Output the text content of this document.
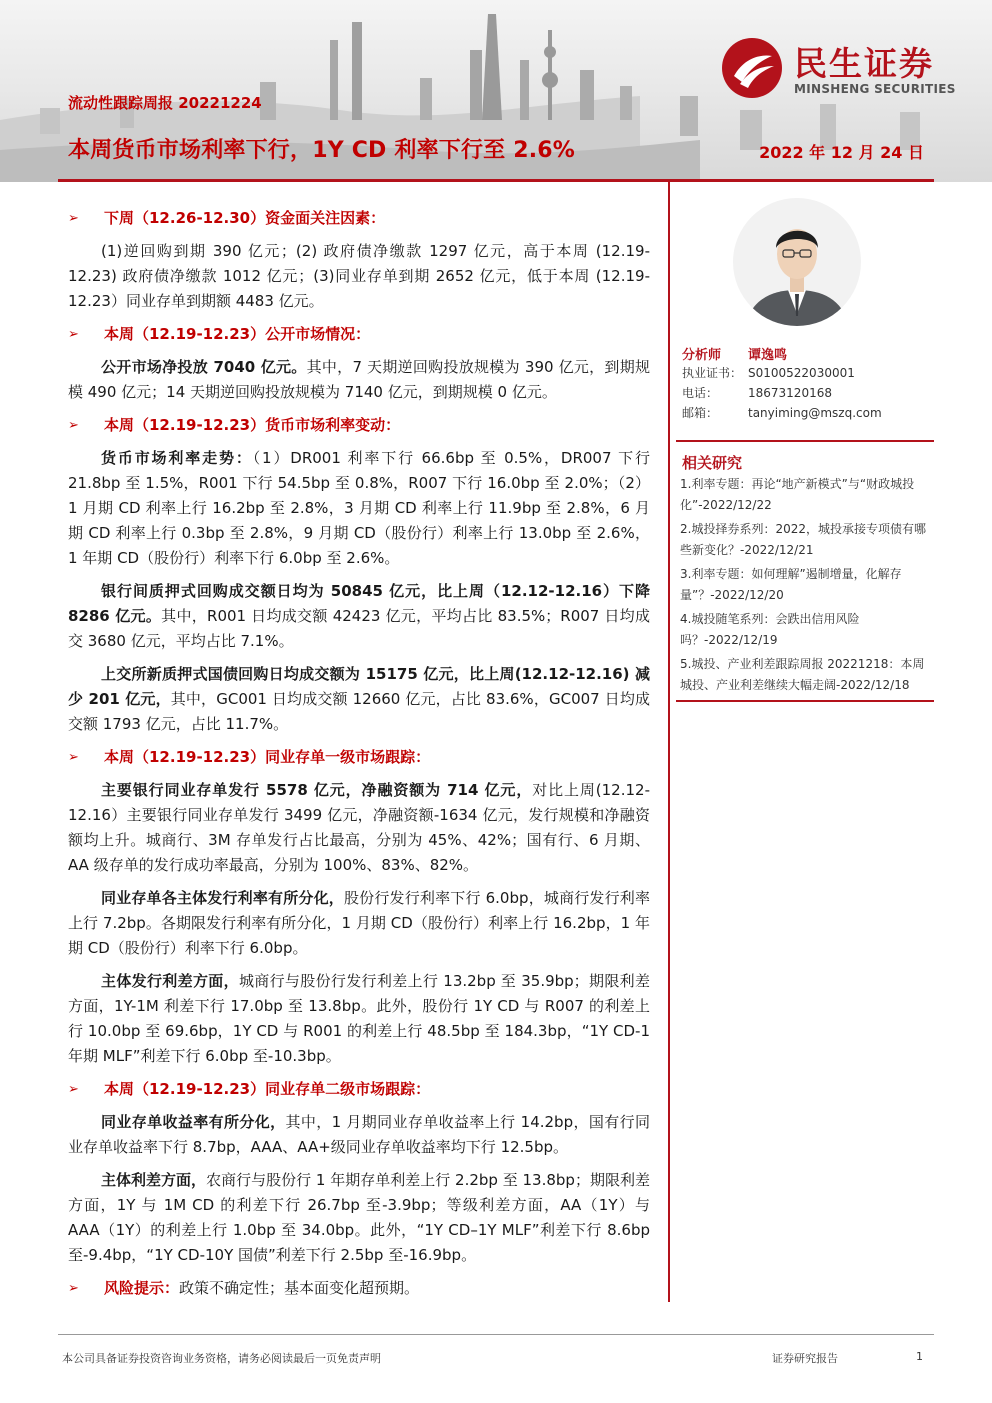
民生证券
MINSHENG SECURITIES
流动性跟踪周报 20221224
本周货币市场利率下行，1Y CD 利率下行至 2.6%	2022 年 12 月 24 日
➢	下周（12.26-12.30）资金面关注因素：
(1)逆回购到期 390 亿元；(2) 政府债净缴款 1297 亿元，高于本周 (12.19-12.23) 政府债净缴款 1012 亿元；(3)同业存单到期 2652 亿元，低于本周 (12.19-12.23）同业存单到期额 4483 亿元。
➢	本周（12.19-12.23）公开市场情况：
公开市场净投放 7040 亿元。其中，7 天期逆回购投放规模为 390 亿元，到期规模 490 亿元；14 天期逆回购投放规模为 7140 亿元，到期规模 0 亿元。
➢	本周（12.19-12.23）货币市场利率变动：
货币市场利率走势：（1）DR001 利率下行 66.6bp 至 0.5%，DR007 下行 21.8bp 至 1.5%，R001 下行 54.5bp 至 0.8%，R007 下行 16.0bp 至 2.0%；（2）1 月期 CD 利率上行 16.2bp 至 2.8%，3 月期 CD 利率上行 11.9bp 至 2.8%，6 月期 CD 利率上行 0.3bp 至 2.8%，9 月期 CD（股份行）利率上行 13.0bp 至 2.6%，1 年期 CD（股份行）利率下行 6.0bp 至 2.6%。
银行间质押式回购成交额日均为 50845 亿元，比上周（12.12-12.16）下降 8286 亿元。其中，R001 日均成交额 42423 亿元，平均占比 83.5%；R007 日均成交 3680 亿元，平均占比 7.1%。
上交所新质押式国债回购日均成交额为 15175 亿元，比上周(12.12-12.16) 减少 201 亿元，其中，GC001 日均成交额 12660 亿元，占比 83.6%，GC007 日均成交额 1793 亿元，占比 11.7%。
➢	本周（12.19-12.23）同业存单一级市场跟踪：
主要银行同业存单发行 5578 亿元，净融资额为 714 亿元，对比上周(12.12-12.16）主要银行同业存单发行 3499 亿元，净融资额-1634 亿元，发行规模和净融资额均上升。城商行、3M 存单发行占比最高，分别为 45%、42%；国有行、6 月期、AA 级存单的发行成功率最高，分别为 100%、83%、82%。
同业存单各主体发行利率有所分化，股份行发行利率下行 6.0bp，城商行发行利率上行 7.2bp。各期限发行利率有所分化，1 月期 CD（股份行）利率上行 16.2bp，1 年期 CD（股份行）利率下行 6.0bp。
主体发行利差方面，城商行与股份行发行利差上行 13.2bp 至 35.9bp；期限利差方面，1Y-1M 利差下行 17.0bp 至 13.8bp。此外，股份行 1Y CD 与 R007 的利差上行 10.0bp 至 69.6bp，1Y CD 与 R001 的利差上行 48.5bp 至 184.3bp，“1Y CD-1 年期 MLF”利差下行 6.0bp 至-10.3bp。
➢	本周（12.19-12.23）同业存单二级市场跟踪：
同业存单收益率有所分化，其中，1 月期同业存单收益率上行 14.2bp，国有行同业存单收益率下行 8.7bp，AAA、AA+级同业存单收益率均下行 12.5bp。
主体利差方面，农商行与股份行 1 年期存单利差上行 2.2bp 至 13.8bp；期限利差方面，1Y 与 1M CD 的利差下行 26.7bp 至-3.9bp；等级利差方面，AA（1Y）与 AAA（1Y）的利差上行 1.0bp 至 34.0bp。此外，“1Y CD–1Y MLF”利差下行 8.6bp 至-9.4bp，“1Y CD-10Y 国债”利差下行 2.5bp 至-16.9bp。
➢	风险提示： 政策不确定性；基本面变化超预期。
分析师 谭逸鸣
执业证书： S0100522030001
电话： 18673120168
邮箱： tanyiming@mszq.com
相关研究
1.利率专题：再论“地产新模式”与“财政城投化”-2022/12/22
2.城投择券系列：2022，城投承接专项债有哪些新变化？-2022/12/21
3.利率专题：如何理解”遏制增量，化解存量”？-2022/12/20
4.城投随笔系列：会跌出信用风险吗？-2022/12/19
5.城投、产业利差跟踪周报 20221218：本周城投、产业利差继续大幅走阔-2022/12/18
本公司具备证券投资咨询业务资格，请务必阅读最后一页免责声明	证券研究报告	1
